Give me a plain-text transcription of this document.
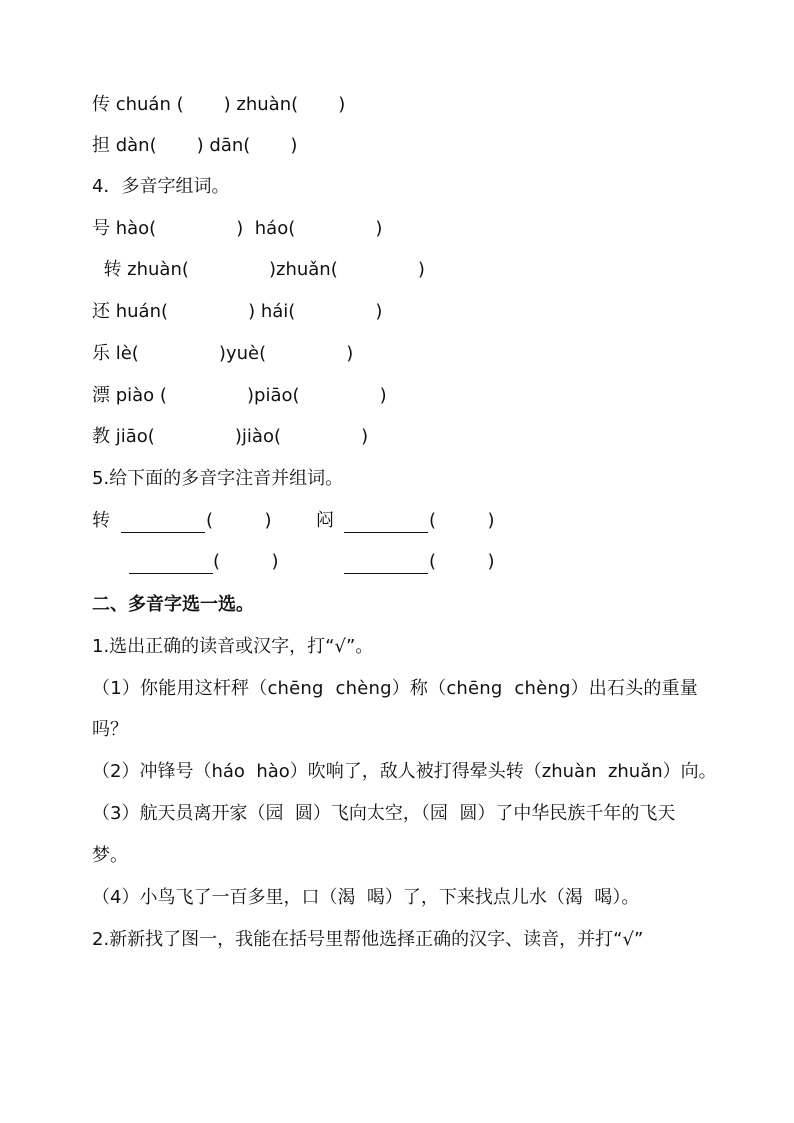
传 chuán (       ) zhuàn(       )
担 dàn(       ) dān(       )
4．多音字组词。
号 hào(              )  háo(              )
转 zhuàn(              )zhuǎn(              )
还 huán(              ) hái(              )
乐 lè(              )yuè(              )
漂 piào (              )piāo(              )
教 jiāo(              )jiào(              )
5.给下面的多音字注音并组词。
转	(         ) 闷	(         )
(         )	(         )
二、多音字选一选。
1.选出正确的读音或汉字，打“√”。
（1）你能用这杆秤（chēng  chèng）称（chēng  chèng）出石头的重量
吗？
（2）冲锋号（háo  hào）吹响了，敌人被打得晕头转（zhuàn  zhuǎn）向。
（3）航天员离开家（园  圆）飞向太空，（园  圆）了中华民族千年的飞天
梦。
（4）小鸟飞了一百多里，口（渴  喝）了，下来找点儿水（渴  喝）。
2.新新找了图一，我能在括号里帮他选择正确的汉字、读音，并打“√”
